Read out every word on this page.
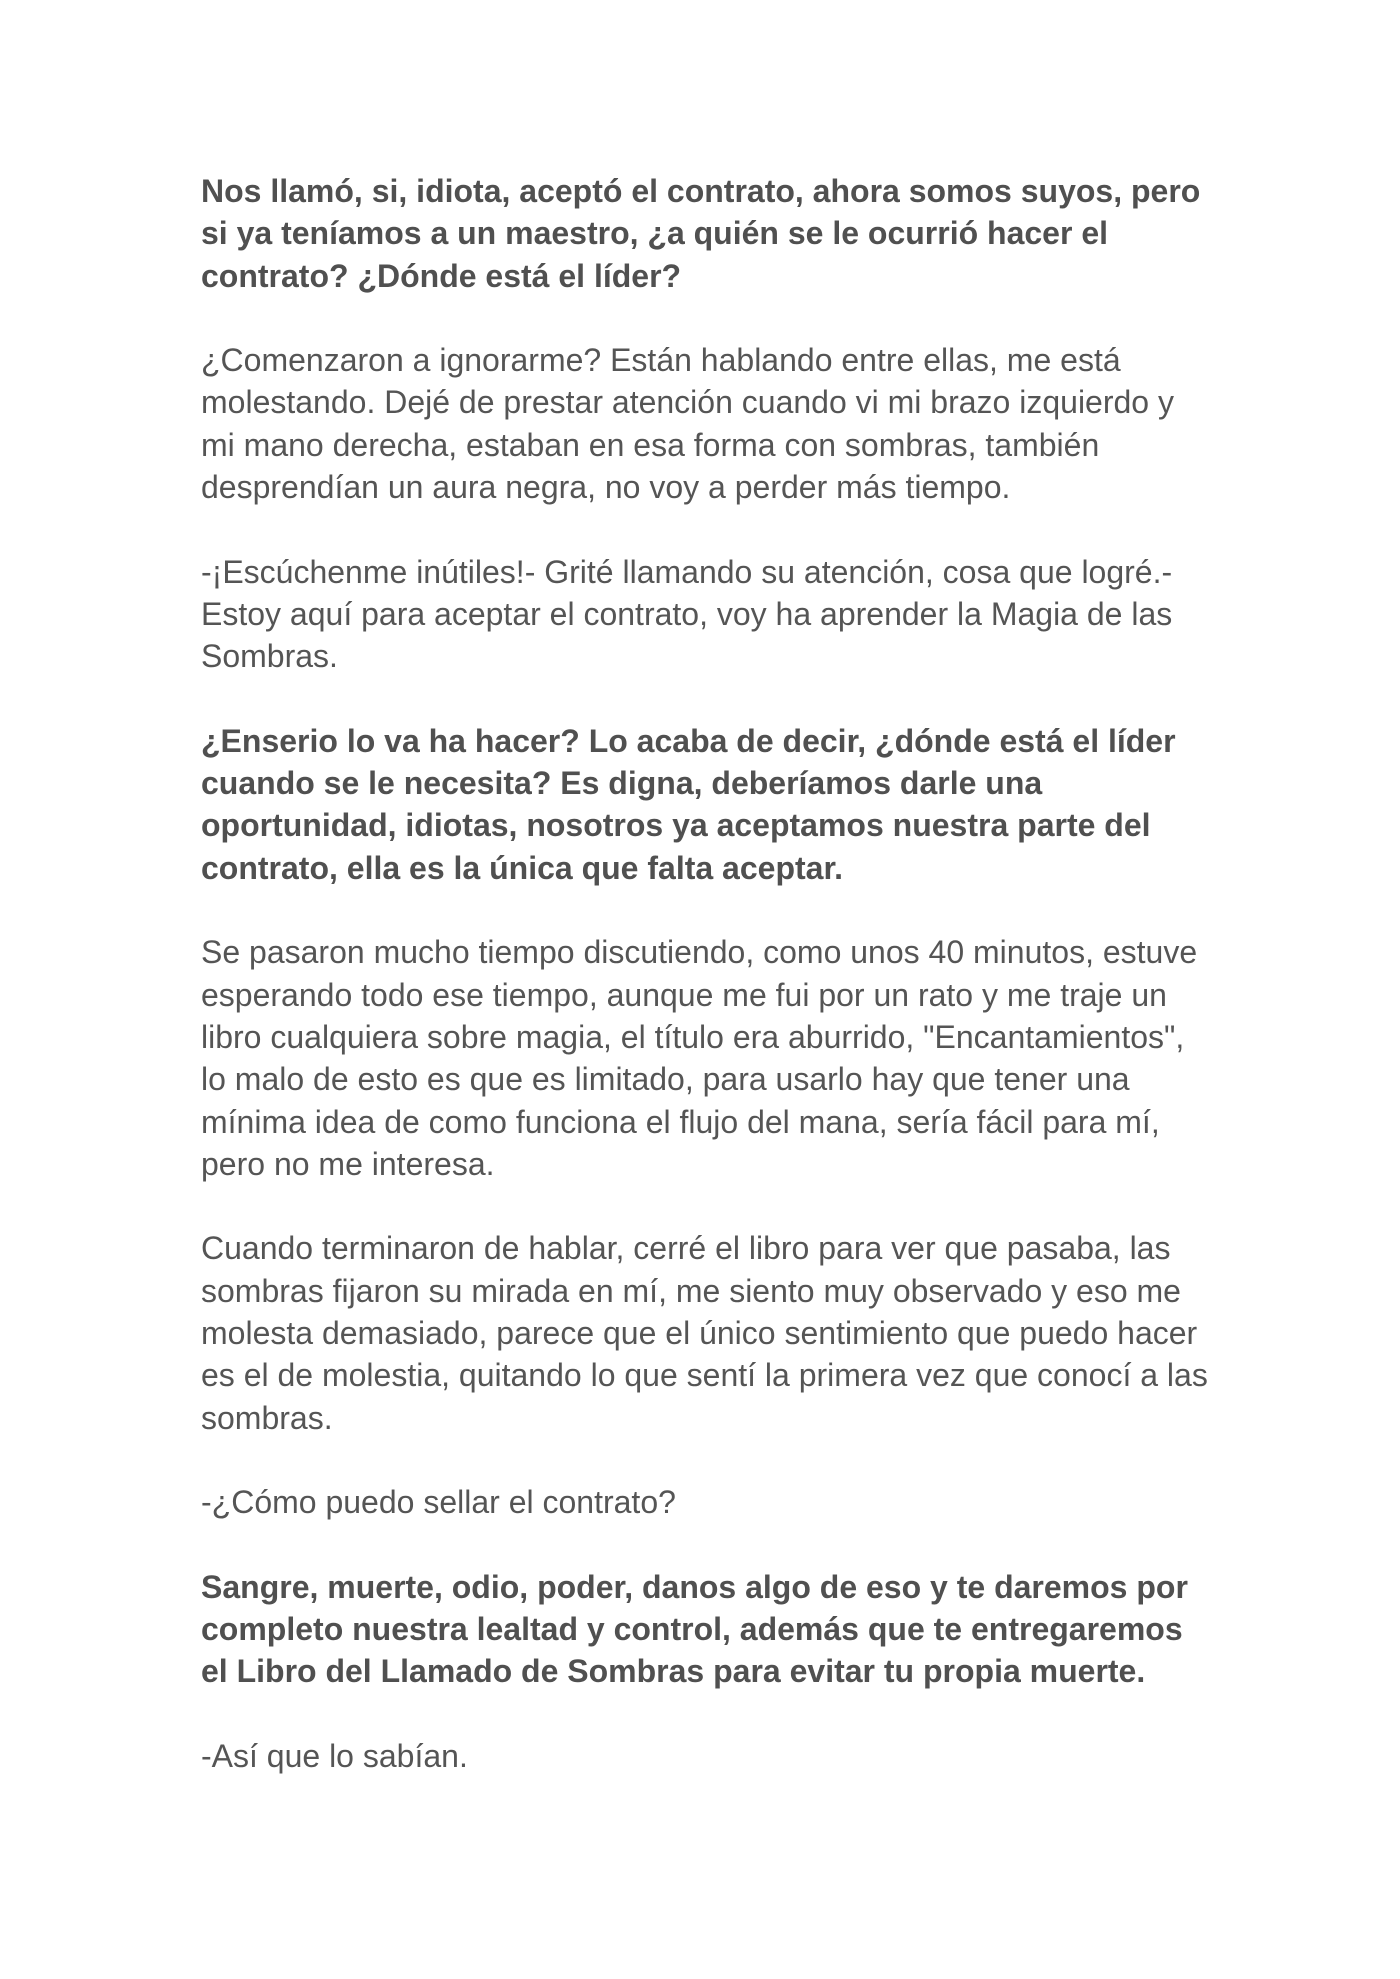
Nos llamó, si, idiota, aceptó el contrato, ahora somos suyos, pero
si ya teníamos a un maestro, ¿a quién se le ocurrió hacer el
contrato? ¿Dónde está el líder?

¿Comenzaron a ignorarme? Están hablando entre ellas, me está
molestando. Dejé de prestar atención cuando vi mi brazo izquierdo y
mi mano derecha, estaban en esa forma con sombras, también
desprendían un aura negra, no voy a perder más tiempo.

-¡Escúchenme inútiles!- Grité llamando su atención, cosa que logré.-
Estoy aquí para aceptar el contrato, voy ha aprender la Magia de las
Sombras.

¿Enserio lo va ha hacer? Lo acaba de decir, ¿dónde está el líder
cuando se le necesita? Es digna, deberíamos darle una
oportunidad, idiotas, nosotros ya aceptamos nuestra parte del
contrato, ella es la única que falta aceptar.

Se pasaron mucho tiempo discutiendo, como unos 40 minutos, estuve
esperando todo ese tiempo, aunque me fui por un rato y me traje un
libro cualquiera sobre magia, el título era aburrido, "Encantamientos",
lo malo de esto es que es limitado, para usarlo hay que tener una
mínima idea de como funciona el flujo del mana, sería fácil para mí,
pero no me interesa.

Cuando terminaron de hablar, cerré el libro para ver que pasaba, las
sombras fijaron su mirada en mí, me siento muy observado y eso me
molesta demasiado, parece que el único sentimiento que puedo hacer
es el de molestia, quitando lo que sentí la primera vez que conocí a las
sombras.

-¿Cómo puedo sellar el contrato?

Sangre, muerte, odio, poder, danos algo de eso y te daremos por
completo nuestra lealtad y control, además que te entregaremos
el Libro del Llamado de Sombras para evitar tu propia muerte.

-Así que lo sabían.
